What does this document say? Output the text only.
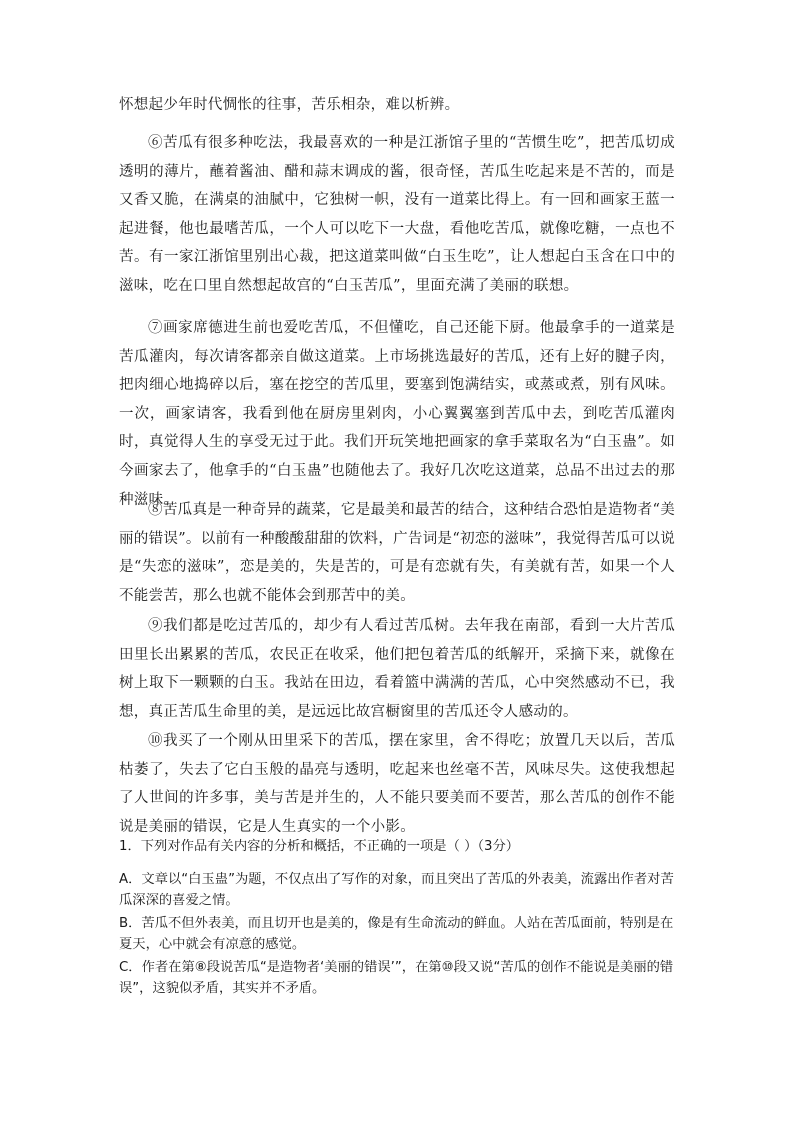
怀想起少年时代惆怅的往事，苦乐相杂，难以析辨。

⑥苦瓜有很多种吃法，我最喜欢的一种是江浙馆子里的“苦惯生吃”，把苦瓜切成透明的薄片，蘸着酱油、醋和蒜末调成的酱，很奇怪，苦瓜生吃起来是不苦的，而是又香又脆，在满桌的油腻中，它独树一帜，没有一道菜比得上。有一回和画家王蓝一起进餐，他也最嗜苦瓜，一个人可以吃下一大盘，看他吃苦瓜，就像吃糖，一点也不苦。有一家江浙馆里别出心裁，把这道菜叫做“白玉生吃”，让人想起白玉含在口中的滋味，吃在口里自然想起故宫的“白玉苦瓜”，里面充满了美丽的联想。

⑦画家席德进生前也爱吃苦瓜，不但懂吃，自己还能下厨。他最拿手的一道菜是苦瓜灌肉，每次请客都亲自做这道菜。上市场挑选最好的苦瓜，还有上好的腱子肉，把肉细心地捣碎以后，塞在挖空的苦瓜里，要塞到饱满结实，或蒸或煮，别有风味。一次，画家请客，我看到他在厨房里剁肉，小心翼翼塞到苦瓜中去，到吃苦瓜灌肉时，真觉得人生的享受无过于此。我们开玩笑地把画家的拿手菜取名为“白玉蛊”。如今画家去了，他拿手的“白玉蛊”也随他去了。我好几次吃这道菜，总品不出过去的那种滋味。

⑧苦瓜真是一种奇异的蔬菜，它是最美和最苦的结合，这种结合恐怕是造物者“美丽的错误”。以前有一种酸酸甜甜的饮料，广告词是“初恋的滋味”，我觉得苦瓜可以说是“失恋的滋味”，恋是美的，失是苦的，可是有恋就有失，有美就有苦，如果一个人不能尝苦，那么也就不能体会到那苦中的美。

⑨我们都是吃过苦瓜的，却少有人看过苦瓜树。去年我在南部，看到一大片苦瓜田里长出累累的苦瓜，农民正在收采，他们把包着苦瓜的纸解开，采摘下来，就像在树上取下一颗颗的白玉。我站在田边，看着篮中满满的苦瓜，心中突然感动不已，我想，真正苦瓜生命里的美，是远远比故宫橱窗里的苦瓜还令人感动的。

⑩我买了一个刚从田里采下的苦瓜，摆在家里，舍不得吃；放置几天以后，苦瓜枯萎了，失去了它白玉般的晶亮与透明，吃起来也丝毫不苦，风味尽失。这使我想起了人世间的许多事，美与苦是并生的，人不能只要美而不要苦，那么苦瓜的创作不能说是美丽的错误，它是人生真实的一个小影。

1．下列对作品有关内容的分析和概括，不正确的一项是（ ）（3分）

A．文章以“白玉蛊”为题，不仅点出了写作的对象，而且突出了苦瓜的外表美，流露出作者对苦瓜深深的喜爱之情。

B．苦瓜不但外表美，而且切开也是美的，像是有生命流动的鲜血。人站在苦瓜面前，特别是在夏天，心中就会有凉意的感觉。

C．作者在第⑧段说苦瓜“是造物者‘美丽的错误’”，在第⑩段又说“苦瓜的创作不能说是美丽的错误”，这貌似矛盾，其实并不矛盾。
